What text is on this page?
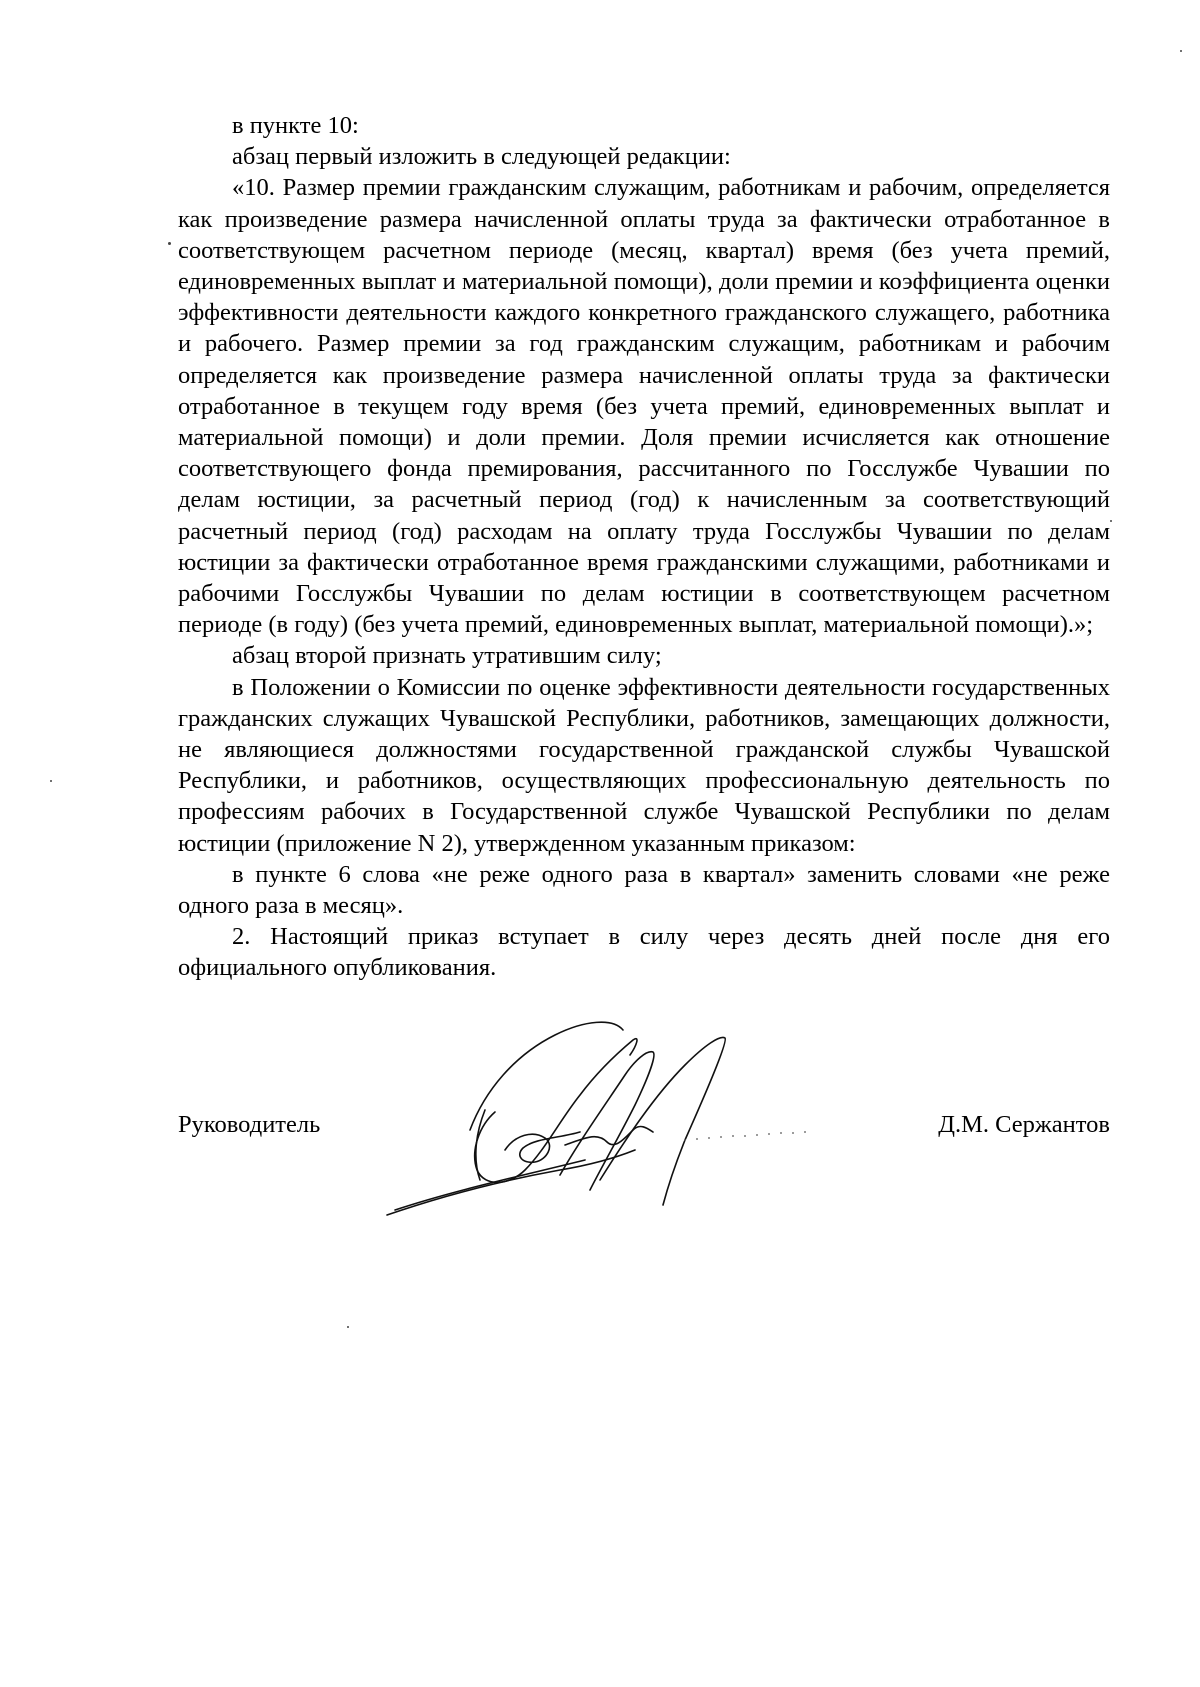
в пункте 10:

абзац первый изложить в следующей редакции:

«10. Размер премии гражданским служащим, работникам и рабочим, определяется как произведение размера начисленной оплаты труда за фактически отработанное в соответствующем расчетном периоде (месяц, квартал) время (без учета премий, единовременных выплат и материальной помощи), доли премии и коэффициента оценки эффективности деятельности каждого конкретного гражданского служащего, работника и рабочего. Размер премии за год гражданским служащим, работникам и рабочим определяется как произведение размера начисленной оплаты труда за фактически отработанное в текущем году время (без учета премий, единовременных выплат и материальной помощи) и доли премии. Доля премии исчисляется как отношение соответствующего фонда премирования, рассчитанного по Госслужбе Чувашии по делам юстиции, за расчетный период (год) к начисленным за соответствующий расчетный период (год) расходам на оплату труда Госслужбы Чувашии по делам юстиции за фактически отработанное время гражданскими служащими, работниками и рабочими Госслужбы Чувашии по делам юстиции в соответствующем расчетном периоде (в году) (без учета премий, единовременных выплат, материальной помощи).»;

абзац второй признать утратившим силу;

в Положении о Комиссии по оценке эффективности деятельности государственных гражданских служащих Чувашской Республики, работников, замещающих должности, не являющиеся должностями государственной гражданской службы Чувашской Республики, и работников, осуществляющих профессиональную деятельность по профессиям рабочих в Государственной службе Чувашской Республики по делам юстиции (приложение N 2), утвержденном указанным приказом:

в пункте 6 слова «не реже одного раза в квартал» заменить словами «не реже одного раза в месяц».

2. Настоящий приказ вступает в силу через десять дней после дня его официального опубликования.

Руководитель	Д.М. Сержантов
